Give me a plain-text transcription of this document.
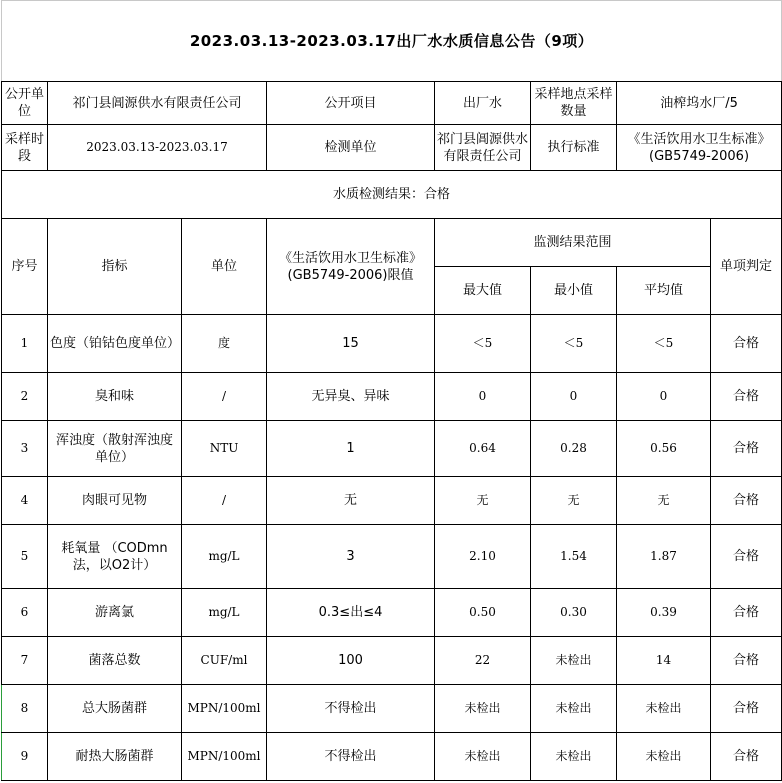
2023.03.13-2023.03.17出厂水水质信息公告（9项）							
公开单位	祁门县阊源供水有限责任公司		公开项目	出厂水	采样地点采样数量	油榨坞水厂/5	
采样时段	2023.03.13-2023.03.17		检测单位	祁门县阊源供水有限责任公司	执行标准	《生活饮用水卫生标准》(GB5749-2006)	
水质检测结果：合格							
序号	指标	单位	《生活饮用水卫生标准》(GB5749-2006)限值	监测结果范围			单项判定
				最大值	最小值	平均值	
1	色度（铂钴色度单位）	度	15	＜5	＜5	＜5	合格
2	臭和味	/	无异臭、异味	0	0	0	合格
3	浑浊度（散射浑浊度单位）	NTU	1	0.64	0.28	0.56	合格
4	肉眼可见物	/	无	无	无	无	合格
5	耗氧量 （CODmn法，以O2计）	mg/L	3	2.10	1.54	1.87	合格
6	游离氯	mg/L	0.3≤出≤4	0.50	0.30	0.39	合格
7	菌落总数	CUF/ml	100	22	未检出	14	合格
8	总大肠菌群	MPN/100ml	不得检出	未检出	未检出	未检出	合格
9	耐热大肠菌群	MPN/100ml	不得检出	未检出	未检出	未检出	合格
